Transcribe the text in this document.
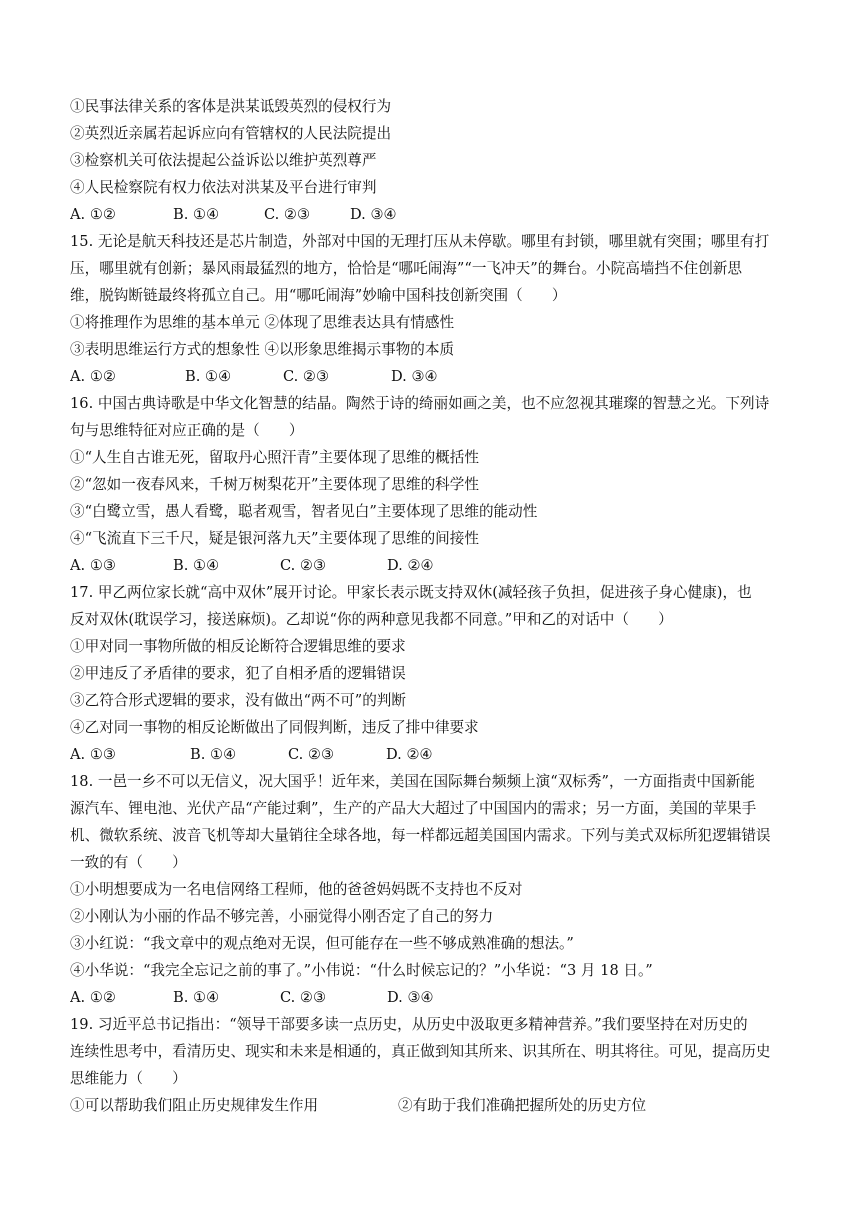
①民事法律关系的客体是洪某诋毁英烈的侵权行为
②英烈近亲属若起诉应向有管辖权的人民法院提出
③检察机关可依法提起公益诉讼以维护英烈尊严
④人民检察院有权力依法对洪某及平台进行审判
A. ①②	B. ①④	C. ②③	D. ③④
15. 无论是航天科技还是芯片制造，外部对中国的无理打压从未停歇。哪里有封锁，哪里就有突围；哪里有打
压，哪里就有创新；暴风雨最猛烈的地方，恰恰是“哪吒闹海”“一飞冲天”的舞台。小院高墙挡不住创新思
维，脱钩断链最终将孤立自己。用“哪吒闹海”妙喻中国科技创新突围（　　）
①将推理作为思维的基本单元 ②体现了思维表达具有情感性
③表明思维运行方式的想象性 ④以形象思维揭示事物的本质
A. ①②	B. ①④	C. ②③	D. ③④
16. 中国古典诗歌是中华文化智慧的结晶。陶然于诗的绮丽如画之美，也不应忽视其璀璨的智慧之光。下列诗
句与思维特征对应正确的是（　　）
①“人生自古谁无死，留取丹心照汗青”主要体现了思维的概括性
②“忽如一夜春风来，千树万树梨花开”主要体现了思维的科学性
③“白鹭立雪，愚人看鹭，聪者观雪，智者见白”主要体现了思维的能动性
④“飞流直下三千尺，疑是银河落九天”主要体现了思维的间接性
A. ①③	B. ①④	C. ②③	D. ②④
17. 甲乙两位家长就“高中双休”展开讨论。甲家长表示既支持双休(减轻孩子负担，促进孩子身心健康)，也
反对双休(耽误学习，接送麻烦)。乙却说“你的两种意见我都不同意。”甲和乙的对话中（　　）
①甲对同一事物所做的相反论断符合逻辑思维的要求
②甲违反了矛盾律的要求，犯了自相矛盾的逻辑错误
③乙符合形式逻辑的要求，没有做出“两不可”的判断
④乙对同一事物的相反论断做出了同假判断，违反了排中律要求
A. ①③	B. ①④	C. ②③	D. ②④
18. 一邑一乡不可以无信义，况大国乎！近年来，美国在国际舞台频频上演“双标秀”，一方面指责中国新能
源汽车、锂电池、光伏产品“产能过剩”，生产的产品大大超过了中国国内的需求；另一方面，美国的苹果手
机、微软系统、波音飞机等却大量销往全球各地，每一样都远超美国国内需求。下列与美式双标所犯逻辑错误
一致的有（　　）
①小明想要成为一名电信网络工程师，他的爸爸妈妈既不支持也不反对
②小刚认为小丽的作品不够完善，小丽觉得小刚否定了自己的努力
③小红说：“我文章中的观点绝对无误，但可能存在一些不够成熟准确的想法。”
④小华说：“我完全忘记之前的事了。”小伟说：“什么时候忘记的？”小华说：“3 月 18 日。”
A. ①②	B. ①④	C. ②③	D. ③④
19. 习近平总书记指出：“领导干部要多读一点历史，从历史中汲取更多精神营养。”我们要坚持在对历史的
连续性思考中，看清历史、现实和未来是相通的，真正做到知其所来、识其所在、明其将往。可见，提高历史
思维能力（　　）
①可以帮助我们阻止历史规律发生作用	②有助于我们准确把握所处的历史方位
